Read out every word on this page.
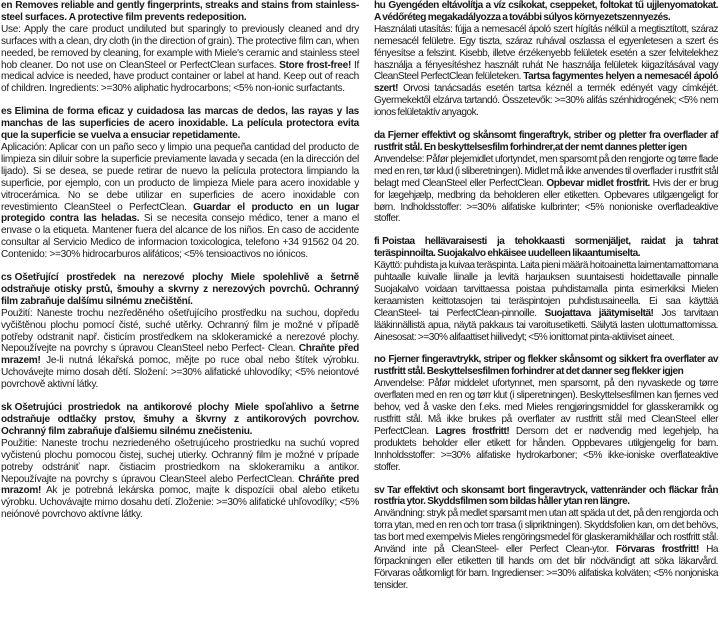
en Removes reliable and gently fingerprints, streaks and stains from stainless-steel surfaces. A protective film prevents redeposition.

Use: Apply the care product undiluted but sparingly to previously cleaned and dry surfaces with a clean, dry cloth (in the direction of grain). The protective film can, when needed, be removed by cleaning, for example with Miele's ceramic and stainless steel hob cleaner. Do not use on CleanSteel or PerfectClean surfaces. Store frost-free! If medical advice is needed, have product container or label at hand. Keep out of reach of children. Ingredients: >=30% aliphatic hydrocarbons; <5% non-ionic surfactants.

es Elimina de forma eficaz y cuidadosa las marcas de dedos, las rayas y las manchas de las superficies de acero inoxidable. La película protectora evita que la superficie se vuelva a ensuciar repetidamente.

Aplicación: Aplicar con un paño seco y limpio una pequeña cantidad del producto de limpieza sin diluir sobre la superficie previamente lavada y secada (en la dirección del lijado). Si se desea, se puede retirar de nuevo la película protectora limpiando la superficie, por ejemplo, con un producto de limpieza Miele para acero inoxidable y vitrocerámica. No se debe utilizar en superficies de acero inoxidable con revestimiento CleanSteel o PerfectClean. Guardar el producto en un lugar protegido contra las heladas. Si se necesita consejo médico, tener a mano el envase o la etiqueta. Mantener fuera del alcance de los niños. En caso de accidente consultar al Servicio Medico de informacion toxicologica, telefono +34 91562 04 20. Contenido: >=30% hidrocarburos alifáticos; <5% tensioactivos no iónicos.

cs Ošetřující prostředek na nerezové plochy Miele spolehlivě a šetrně odstraňuje otisky prstů, šmouhy a skvrny z nerezových povrchů. Ochranný film zabraňuje dalšímu silnému znečištění.

Použití: Naneste trochu nezředěného ošetřujícího prostředku na suchou, dopředu vyčištěnou plochu pomocí čisté, suché utěrky. Ochranný film je možné v případě potřeby odstranit např. čisticím prostředkem na sklokeramické a nerezové plochy. Nepoužívejte na povrchy s úpravou CleanSteel nebo Perfect- Clean. Chraňte před mrazem! Je-li nutná lékařská pomoc, mějte po ruce obal nebo štítek výrobku. Uchovávejte mimo dosah dětí. Složení: >=30% alifatické uhlovodíky; <5% neiontové povrchově aktivní látky.

sk Ošetrujúci prostriedok na antikorové plochy Miele spoľahlivo a šetrne odstraňuje odtlačky prstov, šmuhy a škvrny z antikorových povrchov. Ochranný film zabraňuje ďalšiemu silnému znečisteniu.

Použitie: Naneste trochu nezriedeného ošetrujúceho prostriedku na suchú vopred vyčistenú plochu pomocou čistej, suchej utierky. Ochranný film je možné v prípade potreby odstrániť napr. čistiacim prostriedkom na sklokeramiku a antikor. Nepoužívajte na povrchy s úpravou CleanSteel alebo PerfectClean. Chráňte pred mrazom! Ak je potrebná lekárska pomoc, majte k dispozícii obal alebo etiketu výrobku. Uchovávajte mimo dosahu detí. Zloženie: >=30% alifatické uhľovodíky; <5% neiónové povrchovo aktívne látky.

hu Gyengéden eltávolítja a víz csíkokat, cseppeket, foltokat tű ujjlenyomatokat. A védőréteg megakadályozza a további súlyos környezetszennyezés.

Használati utasítás: fújja a nemesacél ápoló szert hígítás nélkül a megtisztított, száraz nemesacél felületre. Egy tiszta, száraz ruhával oszlassa el egyenletesen a szert és fényesítse a felszint. Kisebb, illetve érzékenyebb felületek esetén a szer felvitelekhez használja a fényesítéshez használt ruhát Ne használja felületek kiigazításával vagy CleanSteel PerfectClean felületeken. Tartsa fagymentes helyen a nemesacél ápoló szert! Orvosi tanácsadás esetén tartsa kéznél a termék edényét vagy címkéjét. Gyermekektől elzárva tartandó. Összetevők: >=30% alifás szénhidrogének; <5% nem ionos felületaktív anyagok.

da Fjerner effektivt og skånsomt fingeraftryk, striber og pletter fra overflader af rustfrit stål. En beskyttelsesfilm forhindrer,at der nemt dannes pletter igen

Anvendelse: Påfør plejemidlet ufortyndet, men sparsomt på den rengjorte og tørre flade med en ren, tør klud (i sliberetningen). Midlet må ikke anvendes til overflader i rustfrit stål belagt med CleanSteel eller PerfectClean. Opbevar midlet frostfrit. Hvis der er brug for lægehjælp, medbring da beholderen eller etiketten. Opbevares utilgængeligt for børn. Indholdsstoffer: >=30% alifatiske kulbrinter; <5% nonioniske overfladeaktive stoffer.

fi Poistaa hellävaraisesti ja tehokkaasti sormenjäljet, raidat ja tahrat teräspinnoilta. Suojakalvo ehkäisee uudelleen likaantumiselta.

Käyttö: puhdista ja kuivaa teräspinta. Laita pieni määrä hoitoainetta laimentamattomana puhtaalle kuivalle liinalle ja levitä harjauksen suuntaisesti hoidettavalle pinnalle Suojakalvo voidaan tarvittaessa poistaa puhdistamalla pinta esimerkiksi Mielen keraamisten keittotasojen tai teräspintojen puhdistusaineella. Ei saa käyttää CleanSteel- tai PerfectClean-pinnoille. Suojattava jäätymiseltä! Jos tarvitaan lääkinnällistä apua, näytä pakkaus tai varoitusetiketti. Säilytä lasten ulottumattomissa. Ainesosat: >=30% alifaattiset hiilivedyt; <5% ionittomat pinta-aktiiviset aineet.

no Fjerner fingeravtrykk, striper og flekker skånsomt og sikkert fra overflater av rustfritt stål. Beskyttelsesfilmen forhindrer at det danner seg flekker igjen

Anvendelse: Påfør middelet ufortynnet, men sparsomt, på den nyvaskede og tørre overflaten med en ren og tørr klut (i sliperetningen). Beskyttelsesfilmen kan fjernes ved behov, ved å vaske den f.eks. med Mieles rengjøringsmiddel for glasskeramikk og rustfritt stål. Må ikke brukes på overflater av rustfritt stål med CleanSteel eller PerfectClean. Lagres frostfritt! Dersom det er nødvendig med legehjelp, ha produktets beholder eller etikett for hånden. Oppbevares utilgjengelig for barn. Innholdsstoffer: >=30% alifatiske hydrokarboner; <5% ikke-ioniske overflateaktive stoffer.

sv Tar effektivt och skonsamt bort fingeravtryck, vattenränder och fläckar från rostfria ytor. Skyddsfilmen som bildas håller ytan ren längre.

Användning: stryk på medlet sparsamt men utan att späda ut det, på den rengjorda och torra ytan, med en ren och torr trasa (i slipriktningen). Skyddsfolien kan, om det behövs, tas bort med exempelvis Mieles rengöringsmedel för glaskeramikhällar och rostfritt stål. Använd inte på CleanSteel- eller Perfect Clean-ytor. Förvaras frostfritt! Ha förpackningen eller etiketten till hands om det blir nödvändigt att söka läkarvård. Förvaras oåtkomligt för barn. Ingredienser: >=30% alifatiska kolväten; <5% nonjoniska tensider.
